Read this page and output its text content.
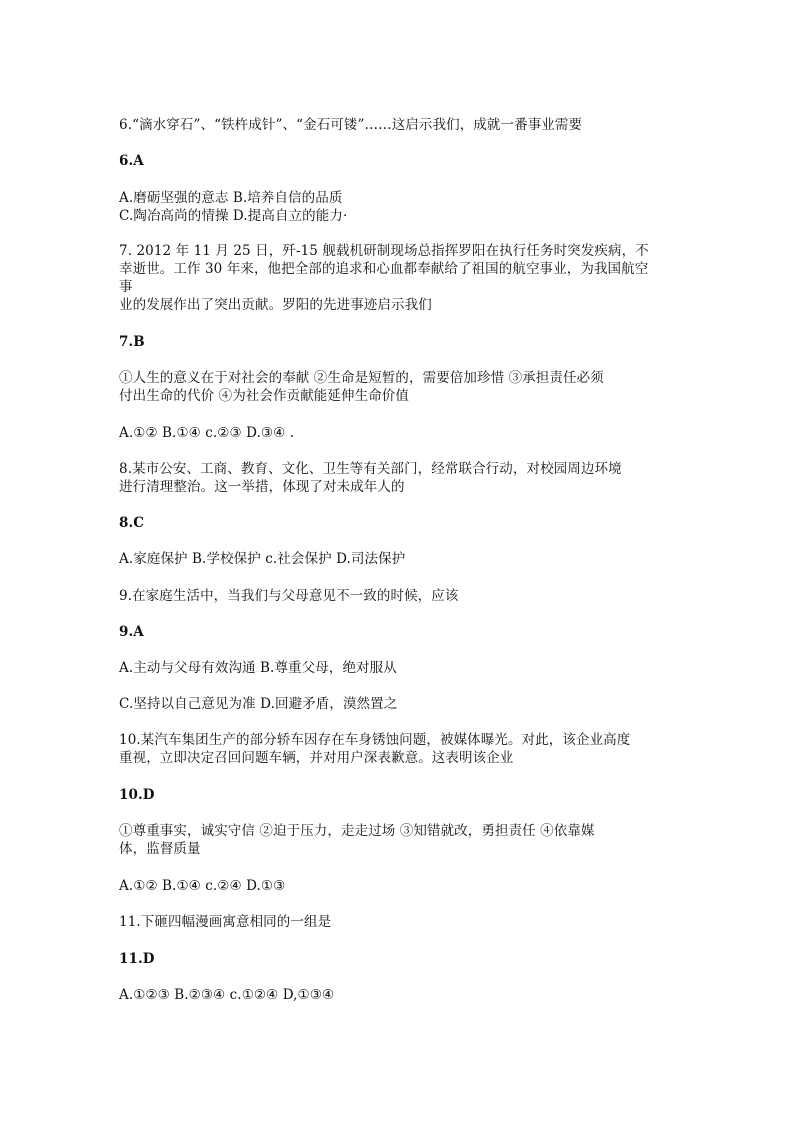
6.“滴水穿石”、“铁杵成针”、“金石可镂”……这启示我们，成就一番事业需要
6.A
A.磨砺坚强的意志 B.培养自信的品质
C.陶冶高尚的情操 D.提高自立的能力·
7. 2012 年 11 月 25 日，歼-15 舰载机研制现场总指挥罗阳在执行任务时突发疾病，不
幸逝世。工作 30 年来，他把全部的追求和心血都奉献给了祖国的航空事业，为我国航空
事
业的发展作出了突出贡献。罗阳的先进事迹启示我们
7.B
①人生的意义在于对社会的奉献 ②生命是短暂的，需要倍加珍惜 ③承担责任必须
付出生命的代价 ④为社会作贡献能延伸生命价值
A.①② B.①④ c.②③ D.③④ .
8.某市公安、工商、教育、文化、卫生等有关部门，经常联合行动，对校园周边环境
进行清理整治。这一举措，体现了对未成年人的
8.C
A.家庭保护 B.学校保护 c.社会保护 D.司法保护
9.在家庭生活中，当我们与父母意见不一致的时候，应该
9.A
A.主动与父母有效沟通 B.尊重父母，绝对服从
C.坚持以自己意见为准 D.回避矛盾，漠然置之
10.某汽车集团生产的部分轿车因存在车身锈蚀问题，被媒体曝光。对此，该企业高度
重视，立即决定召回问题车辆，并对用户深表歉意。这表明该企业
10.D
①尊重事实，诚实守信 ②迫于压力，走走过场 ③知错就改，勇担责任 ④依靠媒
体，监督质量
A.①② B.①④ c.②④ D.①③
11.下砸四幅漫画寓意相同的一组是
11.D
A.①②③ B.②③④ c.①②④ D,①③④
